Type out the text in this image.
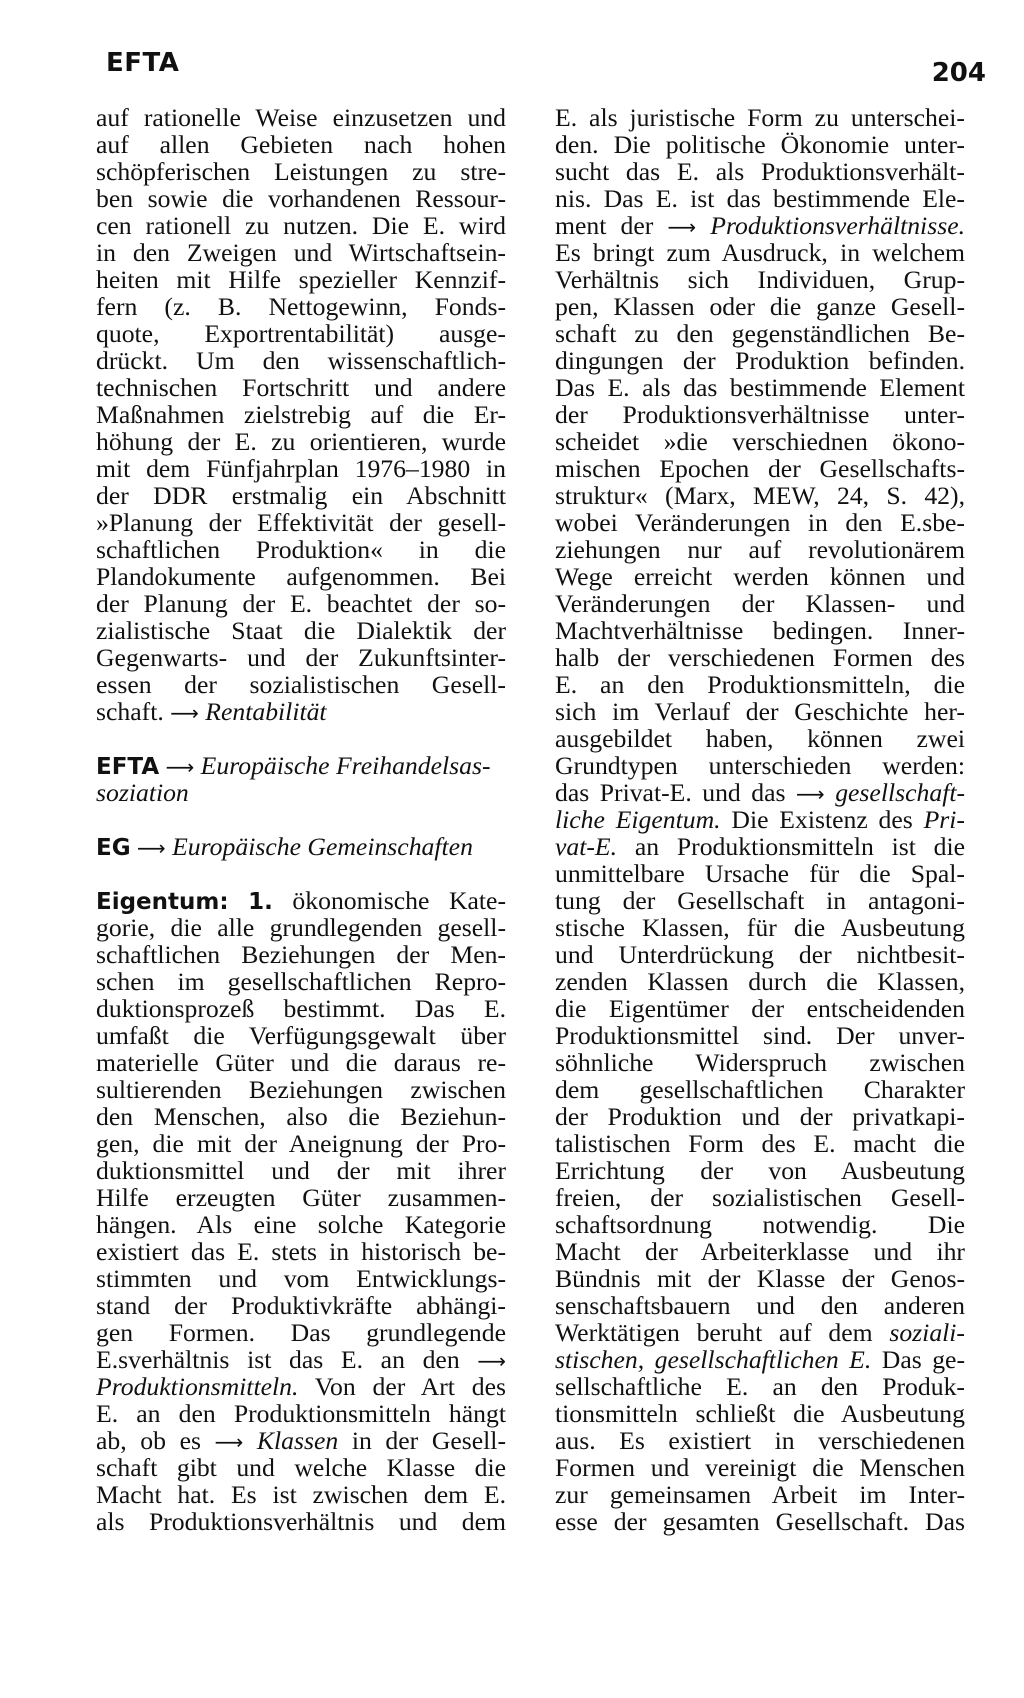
EFTA	204
auf rationelle Weise einzusetzen und
auf allen Gebieten nach hohen
schöpferischen Leistungen zu stre-
ben sowie die vorhandenen Ressour-
cen rationell zu nutzen. Die E. wird
in den Zweigen und Wirtschaftsein-
heiten mit Hilfe spezieller Kennzif-
fern (z. B. Nettogewinn, Fonds-
quote, Exportrentabilität) ausge-
drückt. Um den wissenschaftlich-
technischen Fortschritt und andere
Maßnahmen zielstrebig auf die Er-
höhung der E. zu orientieren, wurde
mit dem Fünfjahrplan 1976–1980 in
der DDR erstmalig ein Abschnitt
»Planung der Effektivität der gesell-
schaftlichen Produktion« in die
Plandokumente aufgenommen. Bei
der Planung der E. beachtet der so-
zialistische Staat die Dialektik der
Gegenwarts- und der Zukunftsinter-
essen der sozialistischen Gesell-
schaft. ⟶ Rentabilität
EFTA ⟶ Europäische Freihandelsas-
soziation
EG ⟶ Europäische Gemeinschaften
Eigentum: 1. ökonomische Kate-
gorie, die alle grundlegenden gesell-
schaftlichen Beziehungen der Men-
schen im gesellschaftlichen Repro-
duktionsprozeß bestimmt. Das E.
umfaßt die Verfügungsgewalt über
materielle Güter und die daraus re-
sultierenden Beziehungen zwischen
den Menschen, also die Beziehun-
gen, die mit der Aneignung der Pro-
duktionsmittel und der mit ihrer
Hilfe erzeugten Güter zusammen-
hängen. Als eine solche Kategorie
existiert das E. stets in historisch be-
stimmten und vom Entwicklungs-
stand der Produktivkräfte abhängi-
gen Formen. Das grundlegende
E.sverhältnis ist das E. an den ⟶
Produktionsmitteln. Von der Art des
E. an den Produktionsmitteln hängt
ab, ob es ⟶ Klassen in der Gesell-
schaft gibt und welche Klasse die
Macht hat. Es ist zwischen dem E.
als Produktionsverhältnis und dem
E. als juristische Form zu unterschei-
den. Die politische Ökonomie unter-
sucht das E. als Produktionsverhält-
nis. Das E. ist das bestimmende Ele-
ment der ⟶ Produktionsverhältnisse.
Es bringt zum Ausdruck, in welchem
Verhältnis sich Individuen, Grup-
pen, Klassen oder die ganze Gesell-
schaft zu den gegenständlichen Be-
dingungen der Produktion befinden.
Das E. als das bestimmende Element
der Produktionsverhältnisse unter-
scheidet »die verschiednen ökono-
mischen Epochen der Gesellschafts-
struktur« (Marx, MEW, 24, S. 42),
wobei Veränderungen in den E.sbe-
ziehungen nur auf revolutionärem
Wege erreicht werden können und
Veränderungen der Klassen- und
Machtverhältnisse bedingen. Inner-
halb der verschiedenen Formen des
E. an den Produktionsmitteln, die
sich im Verlauf der Geschichte her-
ausgebildet haben, können zwei
Grundtypen unterschieden werden:
das Privat-E. und das ⟶ gesellschaft-
liche Eigentum. Die Existenz des Pri-
vat-E. an Produktionsmitteln ist die
unmittelbare Ursache für die Spal-
tung der Gesellschaft in antagoni-
stische Klassen, für die Ausbeutung
und Unterdrückung der nichtbesit-
zenden Klassen durch die Klassen,
die Eigentümer der entscheidenden
Produktionsmittel sind. Der unver-
söhnliche Widerspruch zwischen
dem gesellschaftlichen Charakter
der Produktion und der privatkapi-
talistischen Form des E. macht die
Errichtung der von Ausbeutung
freien, der sozialistischen Gesell-
schaftsordnung notwendig. Die
Macht der Arbeiterklasse und ihr
Bündnis mit der Klasse der Genos-
senschaftsbauern und den anderen
Werktätigen beruht auf dem soziali-
stischen, gesellschaftlichen E. Das ge-
sellschaftliche E. an den Produk-
tionsmitteln schließt die Ausbeutung
aus. Es existiert in verschiedenen
Formen und vereinigt die Menschen
zur gemeinsamen Arbeit im Inter-
esse der gesamten Gesellschaft. Das
